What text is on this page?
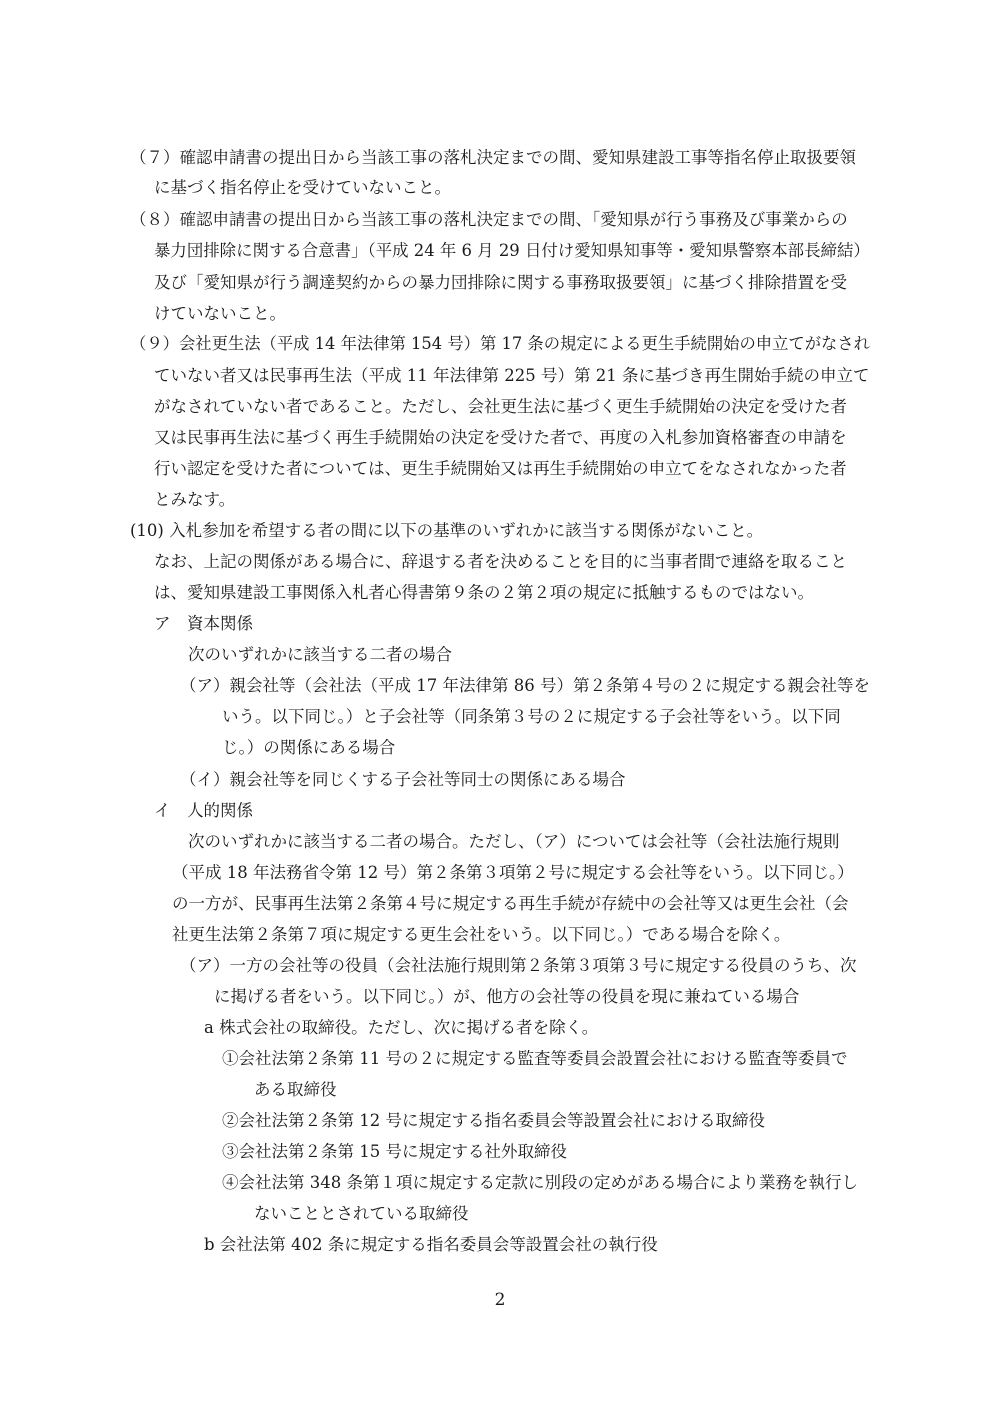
（７）確認申請書の提出日から当該工事の落札決定までの間、愛知県建設工事等指名停止取扱要領
に基づく指名停止を受けていないこと。
（８）確認申請書の提出日から当該工事の落札決定までの間、「愛知県が行う事務及び事業からの
暴力団排除に関する合意書」（平成 24 年 6 月 29 日付け愛知県知事等・愛知県警察本部長締結）
及び「愛知県が行う調達契約からの暴力団排除に関する事務取扱要領」に基づく排除措置を受
けていないこと。
（９）会社更生法（平成 14 年法律第 154 号）第 17 条の規定による更生手続開始の申立てがなされ
ていない者又は民事再生法（平成 11 年法律第 225 号）第 21 条に基づき再生開始手続の申立て
がなされていない者であること。ただし、会社更生法に基づく更生手続開始の決定を受けた者
又は民事再生法に基づく再生手続開始の決定を受けた者で、再度の入札参加資格審査の申請を
行い認定を受けた者については、更生手続開始又は再生手続開始の申立てをなされなかった者
とみなす。
(10) 入札参加を希望する者の間に以下の基準のいずれかに該当する関係がないこと。
なお、上記の関係がある場合に、辞退する者を決めることを目的に当事者間で連絡を取ること
は、愛知県建設工事関係入札者心得書第９条の２第２項の規定に抵触するものではない。
ア　資本関係
次のいずれかに該当する二者の場合
（ア）親会社等（会社法（平成 17 年法律第 86 号）第２条第４号の２に規定する親会社等を
いう。以下同じ。）と子会社等（同条第３号の２に規定する子会社等をいう。以下同
じ。）の関係にある場合
（イ）親会社等を同じくする子会社等同士の関係にある場合
イ　人的関係
次のいずれかに該当する二者の場合。ただし、（ア）については会社等（会社法施行規則
（平成 18 年法務省令第 12 号）第２条第３項第２号に規定する会社等をいう。以下同じ。）
の一方が、民事再生法第２条第４号に規定する再生手続が存続中の会社等又は更生会社（会
社更生法第２条第７項に規定する更生会社をいう。以下同じ。）である場合を除く。
（ア）一方の会社等の役員（会社法施行規則第２条第３項第３号に規定する役員のうち、次
に掲げる者をいう。以下同じ。）が、他方の会社等の役員を現に兼ねている場合
a 株式会社の取締役。ただし、次に掲げる者を除く。
①会社法第２条第 11 号の２に規定する監査等委員会設置会社における監査等委員で
ある取締役
②会社法第２条第 12 号に規定する指名委員会等設置会社における取締役
③会社法第２条第 15 号に規定する社外取締役
④会社法第 348 条第１項に規定する定款に別段の定めがある場合により業務を執行し
ないこととされている取締役
b 会社法第 402 条に規定する指名委員会等設置会社の執行役
2
